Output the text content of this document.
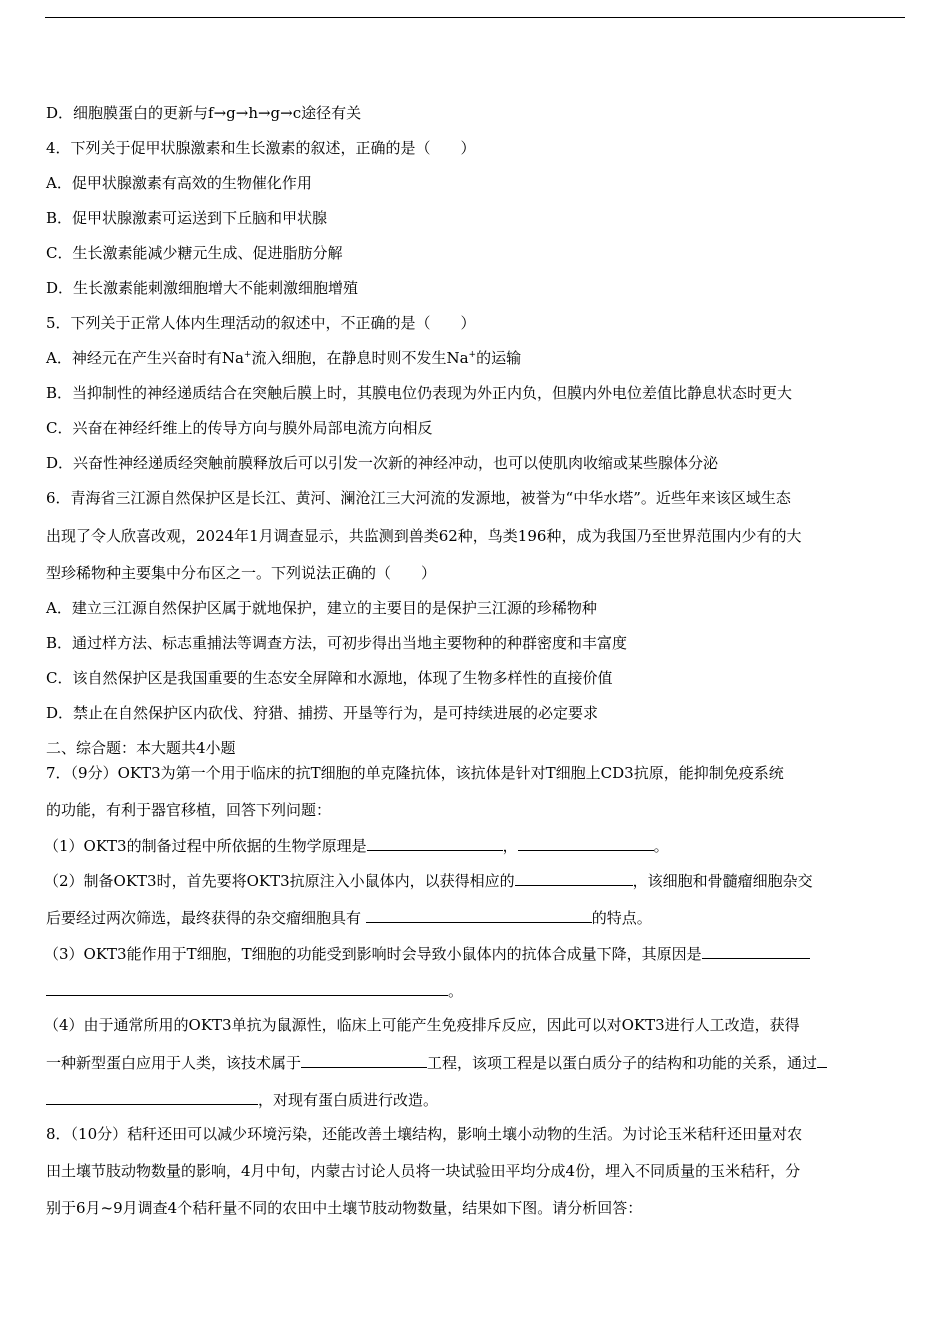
D．细胞膜蛋白的更新与f→g→h→g→c途径有关
4．下列关于促甲状腺激素和生长激素的叙述，正确的是（　　）
A．促甲状腺激素有高效的生物催化作用
B．促甲状腺激素可运送到下丘脑和甲状腺
C．生长激素能减少糖元生成、促进脂肪分解
D．生长激素能刺激细胞增大不能刺激细胞增殖
5．下列关于正常人体内生理活动的叙述中，不正确的是（　　）
A．神经元在产生兴奋时有Na+流入细胞，在静息时则不发生Na+的运输
B．当抑制性的神经递质结合在突触后膜上时，其膜电位仍表现为外正内负，但膜内外电位差值比静息状态时更大
C．兴奋在神经纤维上的传导方向与膜外局部电流方向相反
D．兴奋性神经递质经突触前膜释放后可以引发一次新的神经冲动，也可以使肌肉收缩或某些腺体分泌
6．青海省三江源自然保护区是长江、黄河、澜沧江三大河流的发源地，被誉为“中华水塔”。近些年来该区域生态
出现了令人欣喜改观，2024年1月调查显示，共监测到兽类62种，鸟类196种，成为我国乃至世界范围内少有的大
型珍稀物种主要集中分布区之一。下列说法正确的（　　）
A．建立三江源自然保护区属于就地保护，建立的主要目的是保护三江源的珍稀物种
B．通过样方法、标志重捕法等调查方法，可初步得出当地主要物种的种群密度和丰富度
C．该自然保护区是我国重要的生态安全屏障和水源地，体现了生物多样性的直接价值
D．禁止在自然保护区内砍伐、狩猎、捕捞、开垦等行为，是可持续进展的必定要求
二、综合题：本大题共4小题
7．（9分）OKT3为第一个用于临床的抗T细胞的单克隆抗体，该抗体是针对T细胞上CD3抗原，能抑制免疫系统
的功能，有利于器官移植，回答下列问题：
（1）OKT3的制备过程中所依据的生物学原理是	，	。
（2）制备OKT3时，首先要将OKT3抗原注入小鼠体内，以获得相应的	，该细胞和骨髓瘤细胞杂交
后要经过两次筛选，最终获得的杂交瘤细胞具有	的特点。
（3）OKT3能作用于T细胞，T细胞的功能受到影响时会导致小鼠体内的抗体合成量下降，其原因是
。
（4）由于通常所用的OKT3单抗为鼠源性，临床上可能产生免疫排斥反应，因此可以对OKT3进行人工改造，获得
一种新型蛋白应用于人类，该技术属于	工程，该项工程是以蛋白质分子的结构和功能的关系，通过
，对现有蛋白质进行改造。
8．（10分）秸秆还田可以减少环境污染，还能改善土壤结构，影响土壤小动物的生活。为讨论玉米秸秆还田量对农
田土壤节肢动物数量的影响，4月中旬，内蒙古讨论人员将一块试验田平均分成4份，埋入不同质量的玉米秸秆，分
别于6月~9月调查4个秸秆量不同的农田中土壤节肢动物数量，结果如下图。请分析回答：
